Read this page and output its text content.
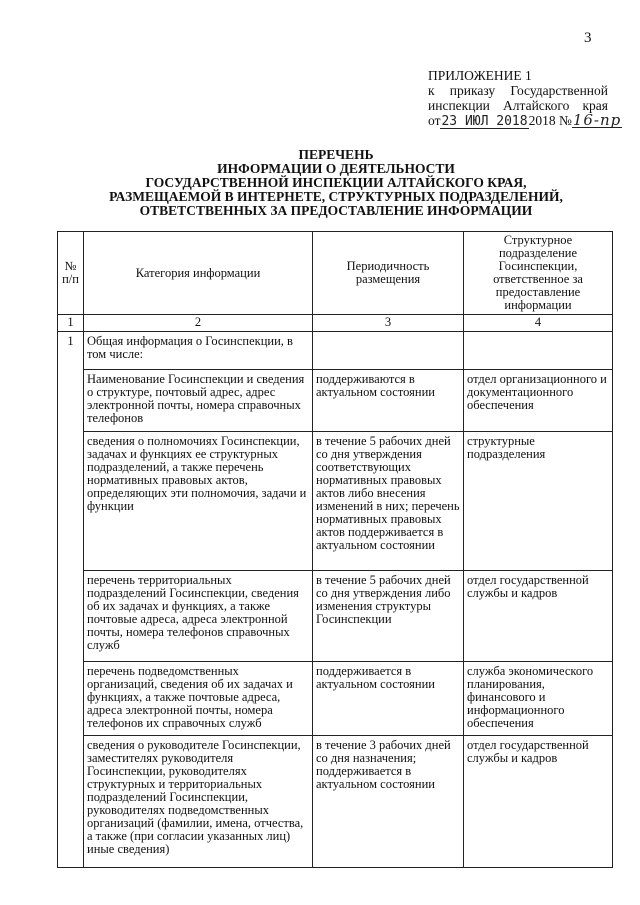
3
ПРИЛОЖЕНИЕ 1
к приказу Государственной
инспекции Алтайского края
от 23 ИЮЛ 2018 2018 № 16-пр
ПЕРЕЧЕНЬ
ИНФОРМАЦИИ О ДЕЯТЕЛЬНОСТИ
ГОСУДАРСТВЕННОЙ ИНСПЕКЦИИ АЛТАЙСКОГО КРАЯ,
РАЗМЕЩАЕМОЙ В ИНТЕРНЕТЕ, СТРУКТУРНЫХ ПОДРАЗДЕЛЕНИЙ,
ОТВЕТСТВЕННЫХ ЗА ПРЕДОСТАВЛЕНИЕ ИНФОРМАЦИИ
№ п/п	Категория информации	Периодичность размещения	Структурное подразделение Госинспекции, ответственное за предоставление информации
1	2	3	4
1	Общая информация о Госинспекции, в том числе:		
	Наименование Госинспекции и сведения о структуре, почтовый адрес, адрес электронной почты, номера справочных телефонов	поддерживаются в актуальном состоянии	отдел организационного и документационного обеспечения
	сведения о полномочиях Госинспекции, задачах и функциях ее структурных подразделений, а также перечень нормативных правовых актов, определяющих эти полномочия, задачи и функции	в течение 5 рабочих дней со дня утверждения соответствующих нормативных правовых актов либо внесения изменений в них; перечень нормативных правовых актов поддерживается в актуальном состоянии	структурные подразделения
	перечень территориальных подразделений Госинспекции, сведения об их задачах и функциях, а также почтовые адреса, адреса электронной почты, номера телефонов справочных служб	в течение 5 рабочих дней со дня утверждения либо изменения структуры Госинспекции	отдел государственной службы и кадров
	перечень подведомственных организаций, сведения об их задачах и функциях, а также почтовые адреса, адреса электронной почты, номера телефонов их справочных служб	поддерживается в актуальном состоянии	служба экономического планирования, финансового и информационного обеспечения
	сведения о руководителе Госинспекции, заместителях руководителя Госинспекции, руководителях структурных и территориальных подразделений Госинспекции, руководителях подведомственных организаций (фамилии, имена, отчества, а также (при согласии указанных лиц) иные сведения)	в течение 3 рабочих дней со дня назначения; поддерживается в актуальном состоянии	отдел государственной службы и кадров
